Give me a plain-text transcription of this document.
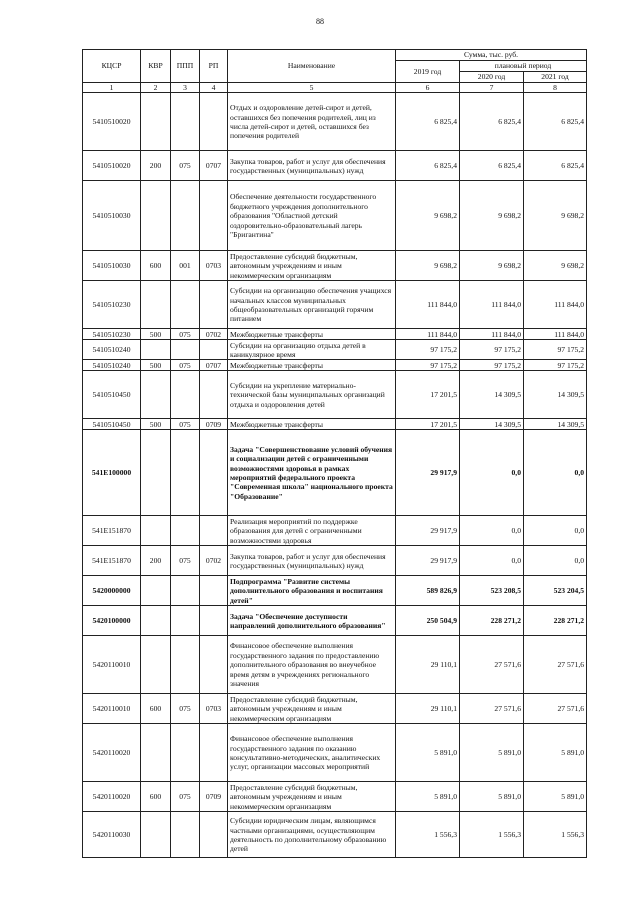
88
КЦСР	КВР	ППП	РП	Наименование	Сумма, тыс. руб.		
					2019 год	плановый период	
						2020 год	2021 год
1	2	3	4	5	6	7	8
5410510020				Отдых и оздоровление детей-сирот и детей, оставшихся без попечения родителей, лиц из числа детей-сирот и детей, оставшихся без попечения родителей	6 825,4	6 825,4	6 825,4
5410510020	200	075	0707	Закупка товаров, работ и услуг для обеспечения государственных (муниципальных) нужд	6 825,4	6 825,4	6 825,4
5410510030				Обеспечение деятельности государственного бюджетного учреждения дополнительного образования "Областной детский оздоровительно-образовательный лагерь "Бригантина"	9 698,2	9 698,2	9 698,2
5410510030	600	001	0703	Предоставление субсидий бюджетным, автономным учреждениям и иным некоммерческим организациям	9 698,2	9 698,2	9 698,2
5410510230				Субсидии на организацию обеспечения учащихся начальных классов муниципальных общеобразовательных организаций горячим питанием	111 844,0	111 844,0	111 844,0
5410510230	500	075	0702	Межбюджетные трансферты	111 844,0	111 844,0	111 844,0
5410510240				Субсидии на организацию отдыха детей в каникулярное время	97 175,2	97 175,2	97 175,2
5410510240	500	075	0707	Межбюджетные трансферты	97 175,2	97 175,2	97 175,2
5410510450				Субсидии на укрепление материально-технической базы муниципальных организаций отдыха и оздоровления детей	17 201,5	14 309,5	14 309,5
5410510450	500	075	0709	Межбюджетные трансферты	17 201,5	14 309,5	14 309,5
541E100000				Задача "Совершенствование условий обучения и социализации детей с ограниченными возможностями здоровья в рамках мероприятий федерального проекта "Современная школа" национального проекта "Образование"	29 917,9	0,0	0,0
541E151870				Реализация мероприятий по поддержке образования для детей с ограниченными возможностями здоровья	29 917,9	0,0	0,0
541E151870	200	075	0702	Закупка товаров, работ и услуг для обеспечения государственных (муниципальных) нужд	29 917,9	0,0	0,0
5420000000				Подпрограмма "Развитие системы дополнительного образования и воспитания детей"	589 826,9	523 208,5	523 204,5
5420100000				Задача "Обеспечение доступности направлений дополнительного образования"	250 504,9	228 271,2	228 271,2
5420110010				Финансовое обеспечение выполнения государственного задания по предоставлению дополнительного образования во внеучебное время детям в учреждениях регионального значения	29 110,1	27 571,6	27 571,6
5420110010	600	075	0703	Предоставление субсидий бюджетным, автономным учреждениям и иным некоммерческим организациям	29 110,1	27 571,6	27 571,6
5420110020				Финансовое обеспечение выполнения государственного задания по оказанию консультативно-методических, аналитических услуг, организации массовых мероприятий	5 891,0	5 891,0	5 891,0
5420110020	600	075	0709	Предоставление субсидий бюджетным, автономным учреждениям и иным некоммерческим организациям	5 891,0	5 891,0	5 891,0
5420110030				Субсидии юридическим лицам, являющимся частными организациями, осуществляющим деятельность по дополнительному образованию детей	1 556,3	1 556,3	1 556,3
